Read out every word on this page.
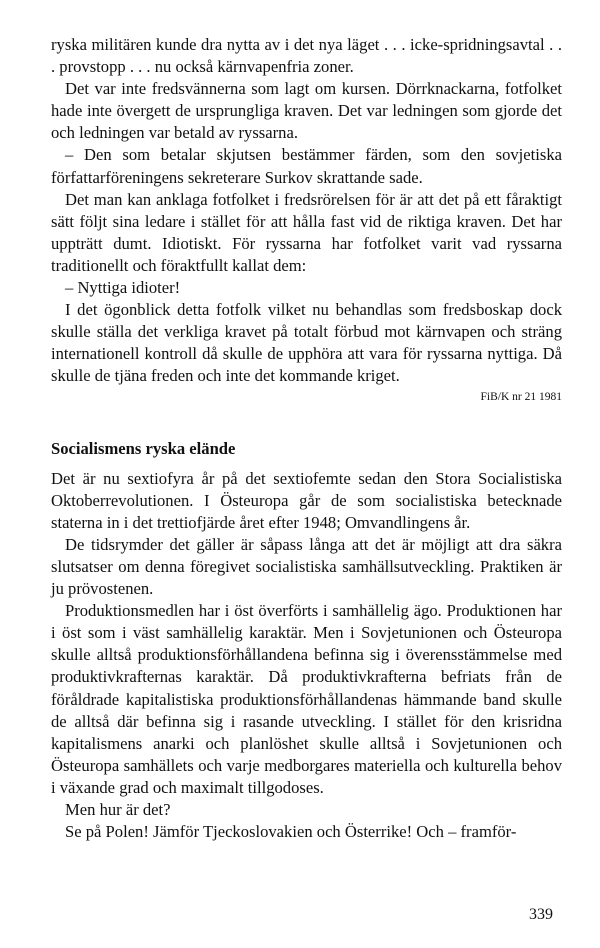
ryska militären kunde dra nytta av i det nya läget . . . icke-spridningsavtal . . . provstopp . . . nu också kärnvapenfria zoner.

Det var inte fredsvännerna som lagt om kursen. Dörrknackarna, fotfolket hade inte övergett de ursprungliga kraven. Det var ledningen som gjorde det och ledningen var betald av ryssarna.

– Den som betalar skjutsen bestämmer färden, som den sovjetiska författarföreningens sekreterare Surkov skrattande sade.

Det man kan anklaga fotfolket i fredsrörelsen för är att det på ett fåraktigt sätt följt sina ledare i stället för att hålla fast vid de riktiga kraven. Det har uppträtt dumt. Idiotiskt. För ryssarna har fotfolket varit vad ryssarna traditionellt och föraktfullt kallat dem:

– Nyttiga idioter!

I det ögonblick detta fotfolk vilket nu behandlas som fredsboskap dock skulle ställa det verkliga kravet på totalt förbud mot kärnvapen och sträng internationell kontroll då skulle de upphöra att vara för ryssarna nyttiga. Då skulle de tjäna freden och inte det kommande kriget.

FiB/K nr 21 1981
Socialismens ryska elände

Det är nu sextiofyra år på det sextiofemte sedan den Stora Socialistiska Oktoberrevolutionen. I Östeuropa går de som socialistiska betecknade staterna in i det trettiofjärde året efter 1948; Omvandlingens år.

De tidsrymder det gäller är såpass långa att det är möjligt att dra säkra slutsatser om denna föregivet socialistiska samhällsutveckling. Praktiken är ju prövostenen.

Produktionsmedlen har i öst överförts i samhällelig ägo. Produktionen har i öst som i väst samhällelig karaktär. Men i Sovjetunionen och Östeuropa skulle alltså produktionsförhållandena befinna sig i överensstämmelse med produktivkrafternas karaktär. Då produktivkrafterna befriats från de föråldrade kapitalistiska produktionsförhållandenas hämmande band skulle de alltså där befinna sig i rasande utveckling. I stället för den krisridna kapitalismens anarki och planlöshet skulle alltså i Sovjetunionen och Östeuropa samhällets och varje medborgares materiella och kulturella behov i växande grad och maximalt tillgodoses.

Men hur är det?

Se på Polen! Jämför Tjeckoslovakien och Österrike! Och – framför-

339
